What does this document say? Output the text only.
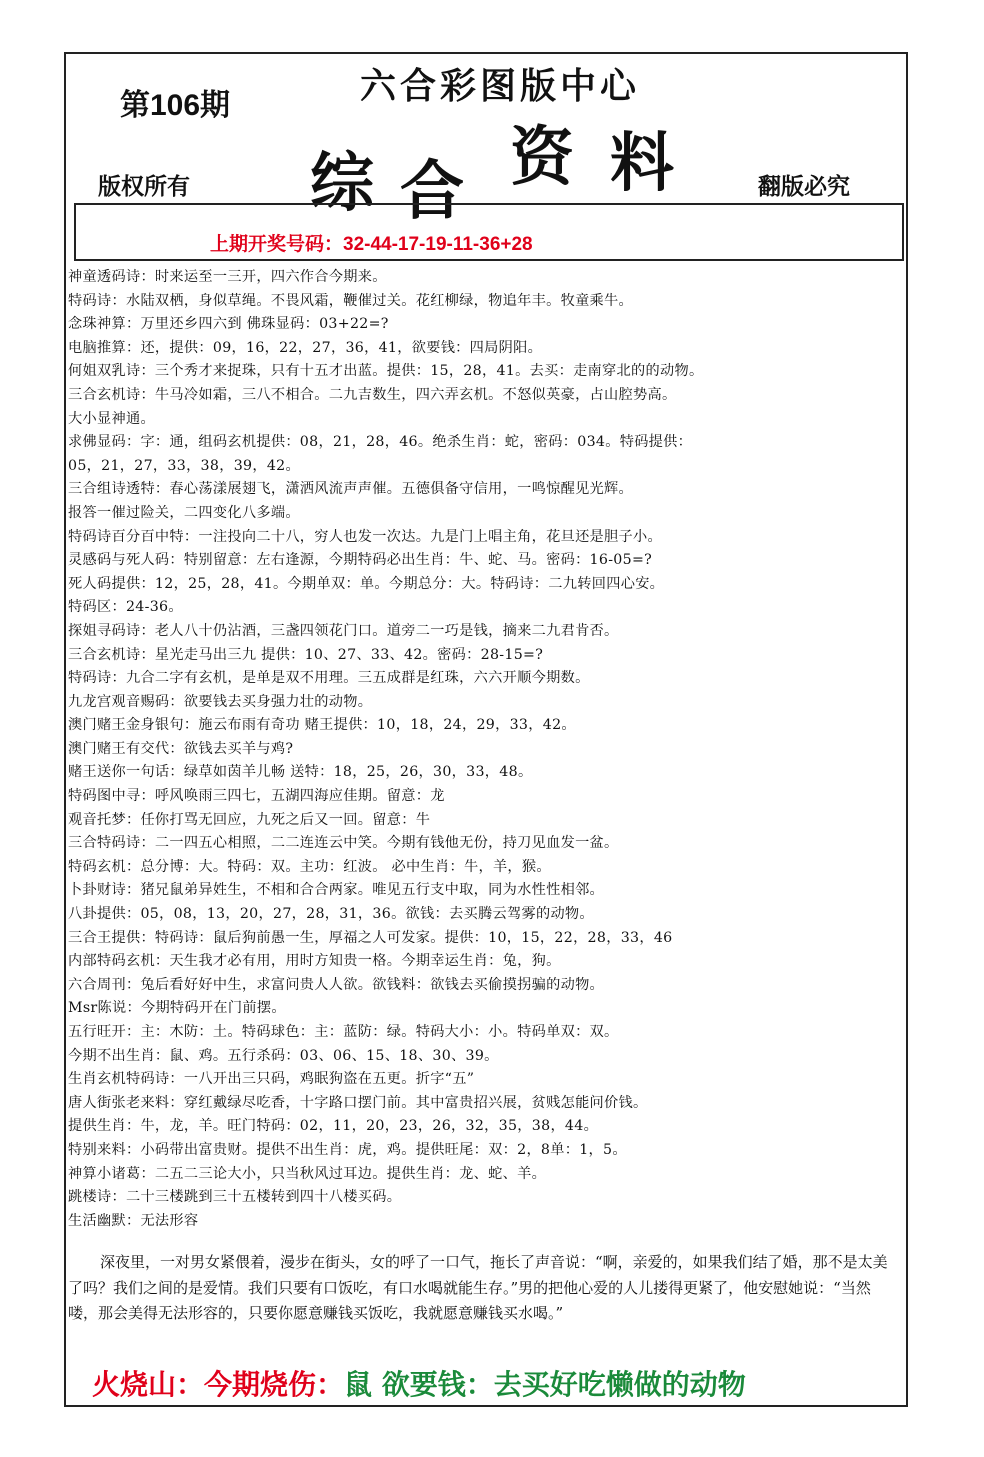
第106期	六合彩图版中心
综 合 资 料
版权所有	翻版必究
上期开奖号码：32-44-17-19-11-36+28
神童透码诗：时来运至一三开，四六作合今期来。
特码诗：水陆双栖，身似草绳。不畏风霜，鞭催过关。花红柳绿，物追年丰。牧童乘牛。
念珠神算：万里还乡四六到 佛珠显码：03+22=?
电脑推算：还，提供：09，16，22，27，36，41，欲要钱：四局阴阳。
何姐双乳诗：三个秀才来捉珠，只有十五才出蓝。提供：15，28，41。去买：走南穿北的的动物。
三合玄机诗：牛马冷如霜，三八不相合。二九吉数生，四六弄玄机。不怒似英豪，占山腔势高。
大小显神通。
求佛显码：字：通，组码玄机提供：08，21，28，46。绝杀生肖：蛇，密码：034。特码提供：
05，21，27，33，38，39，42。
三合组诗透特：春心荡漾展翅飞，潇洒风流声声催。五德俱备守信用，一鸣惊醒见光辉。
报答一催过险关，二四变化八多端。
特码诗百分百中特：一注投向二十八，穷人也发一次达。九是门上唱主角，花旦还是胆子小。
灵感码与死人码：特别留意：左右逢源，今期特码必出生肖：牛、蛇、马。密码：16-05=?
死人码提供：12，25，28，41。今期单双：单。今期总分：大。特码诗：二九转回四心安。
特码区：24-36。
探姐寻码诗：老人八十仍沾酒，三盏四领花门口。道旁二一巧是钱，摘来二九君肯否。
三合玄机诗：星光走马出三九 提供：10、27、33、42。密码：28-15=?
特码诗：九合二字有玄机，是单是双不用理。三五成群是红珠，六六开顺今期数。
九龙宫观音赐码：欲要钱去买身强力壮的动物。
澳门赌王金身银句：施云布雨有奇功 赌王提供：10，18，24，29，33，42。
澳门赌王有交代：欲钱去买羊与鸡?
赌王送你一句话：绿草如茵羊儿畅 送特：18，25，26，30，33，48。
特码图中寻：呼风唤雨三四七，五湖四海应佳期。留意：龙
观音托梦：任你打骂无回应，九死之后又一回。留意：牛
三合特码诗：二一四五心相照，二二连连云中笑。今期有钱他无份，持刀见血发一盆。
特码玄机：总分博：大。特码：双。主功：红波。 必中生肖：牛，羊，猴。
卜卦财诗：猪兄鼠弟异姓生，不相和合合两家。唯见五行支中取，同为水性性相邻。
八卦提供：05，08，13，20，27，28，31，36。欲钱：去买腾云驾雾的动物。
三合王提供：特码诗：鼠后狗前愚一生，厚福之人可发家。提供：10，15，22，28，33，46
内部特码玄机：天生我才必有用，用时方知贵一格。今期幸运生肖：兔，狗。
六合周刊：兔后看好好中生，求富问贵人人欲。欲钱料：欲钱去买偷摸拐骗的动物。
Msr陈说：今期特码开在门前摆。
五行旺开：主：木防：土。特码球色：主：蓝防：绿。特码大小：小。特码单双：双。
今期不出生肖：鼠、鸡。五行杀码：03、06、15、18、30、39。
生肖玄机特码诗：一八开出三只码，鸡眠狗盗在五更。折字“五”
唐人街张老来料：穿红戴绿尽吃香，十字路口摆门前。其中富贵招兴展，贫贱怎能问价钱。
提供生肖：牛，龙，羊。旺门特码：02，11，20，23，26，32，35，38，44。
特别来料：小码带出富贵财。提供不出生肖：虎，鸡。提供旺尾：双：2，8单：1，5。
神算小诸葛：二五二三论大小，只当秋风过耳边。提供生肖：龙、蛇、羊。
跳楼诗：二十三楼跳到三十五楼转到四十八楼买码。
生活幽默：无法形容
深夜里，一对男女紧偎着，漫步在街头，女的呼了一口气，拖长了声音说：“啊，亲爱的，如果我们结了婚，那不是太美了吗？我们之间的是爱情。我们只要有口饭吃，有口水喝就能生存。”男的把他心爱的人儿搂得更紧了，他安慰她说：“当然喽，那会美得无法形容的，只要你愿意赚钱买饭吃，我就愿意赚钱买水喝。”
火烧山：今期烧伤：鼠 欲要钱：去买好吃懒做的动物
